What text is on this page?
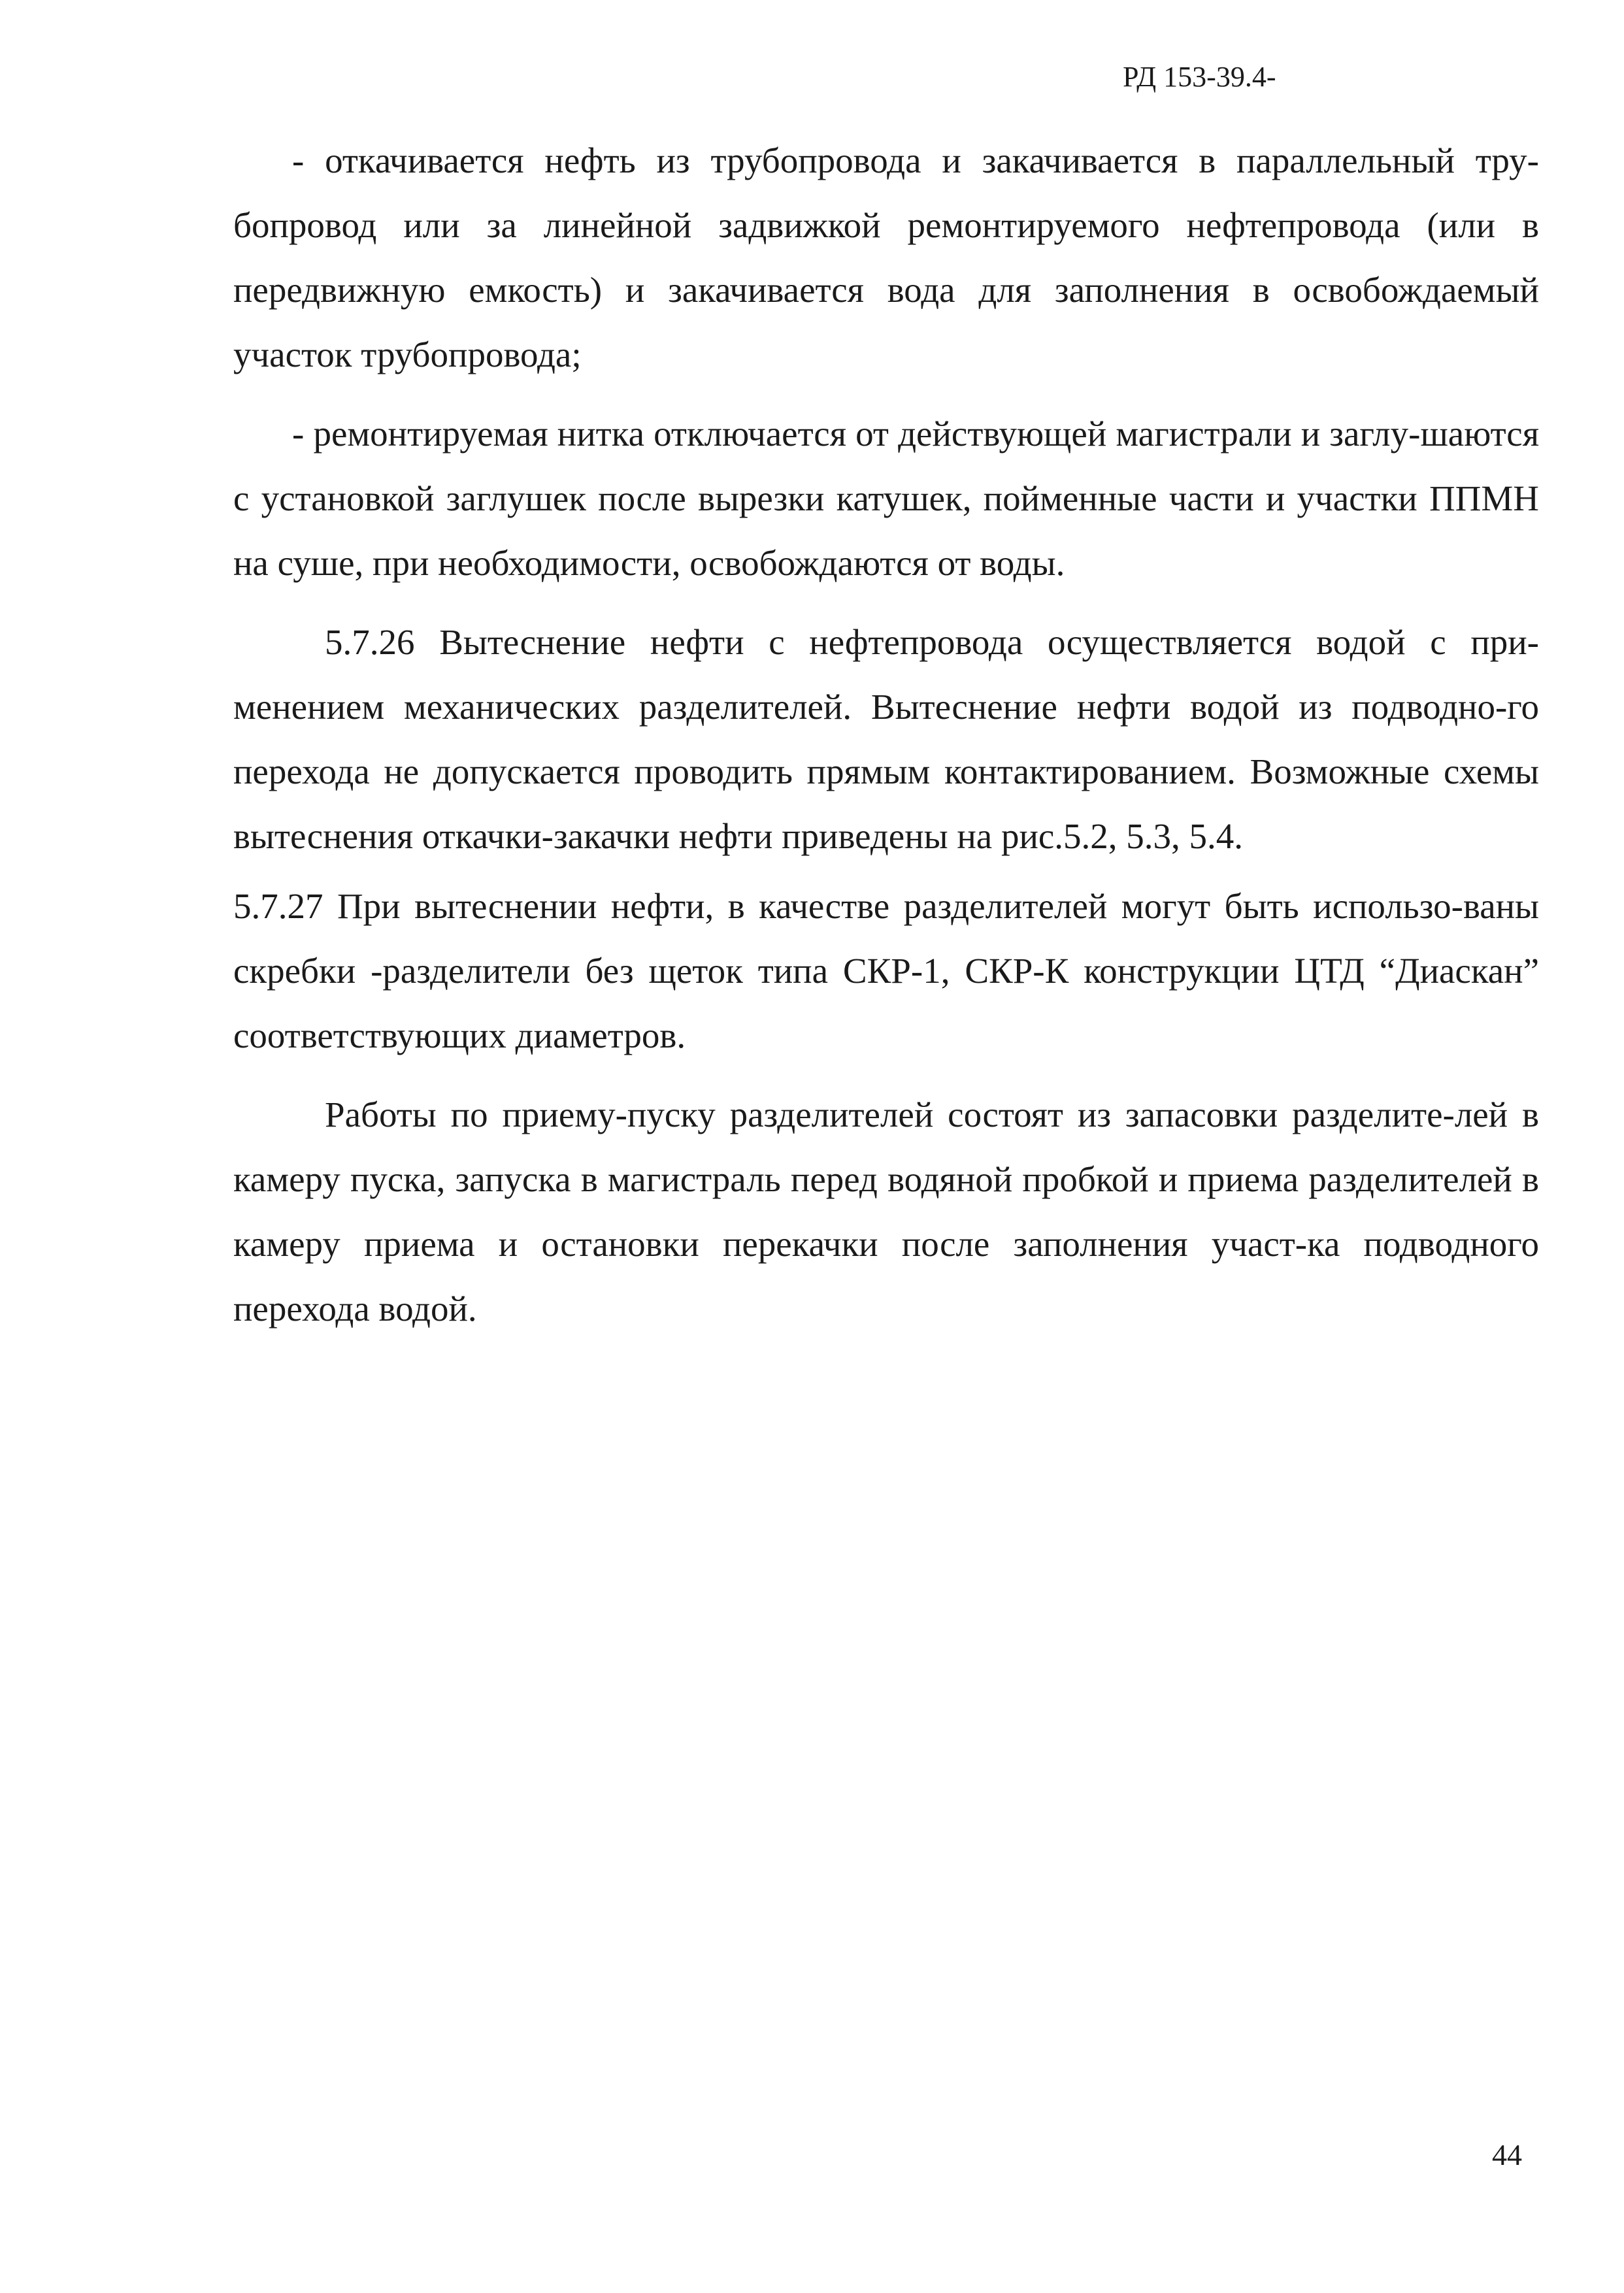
РД 153-39.4-

- откачивается нефть из трубопровода и закачивается в параллельный тру-бопровод или за линейной задвижкой ремонтируемого нефтепровода (или в передвижную емкость) и закачивается вода для заполнения в освобождаемый участок трубопровода;

- ремонтируемая нитка отключается от действующей магистрали и заглу-шаются с установкой заглушек после вырезки катушек, пойменные части и участки ППМН на суше, при необходимости, освобождаются от воды.

5.7.26 Вытеснение нефти с нефтепровода осуществляется водой с при-менением механических разделителей. Вытеснение нефти водой из подводно-го перехода не допускается проводить прямым контактированием. Возможные схемы вытеснения откачки-закачки нефти приведены на рис.5.2, 5.3, 5.4.

5.7.27 При вытеснении нефти, в качестве разделителей могут быть использо-ваны скребки -разделители без щеток типа СКР-1, СКР-К конструкции ЦТД “Диаскан” соответствующих диаметров.

Работы по приему-пуску разделителей состоят из запасовки разделите-лей в камеру пуска, запуска в магистраль перед водяной пробкой и приема разделителей в камеру приема и остановки перекачки после заполнения участ-ка подводного перехода водой.

44
